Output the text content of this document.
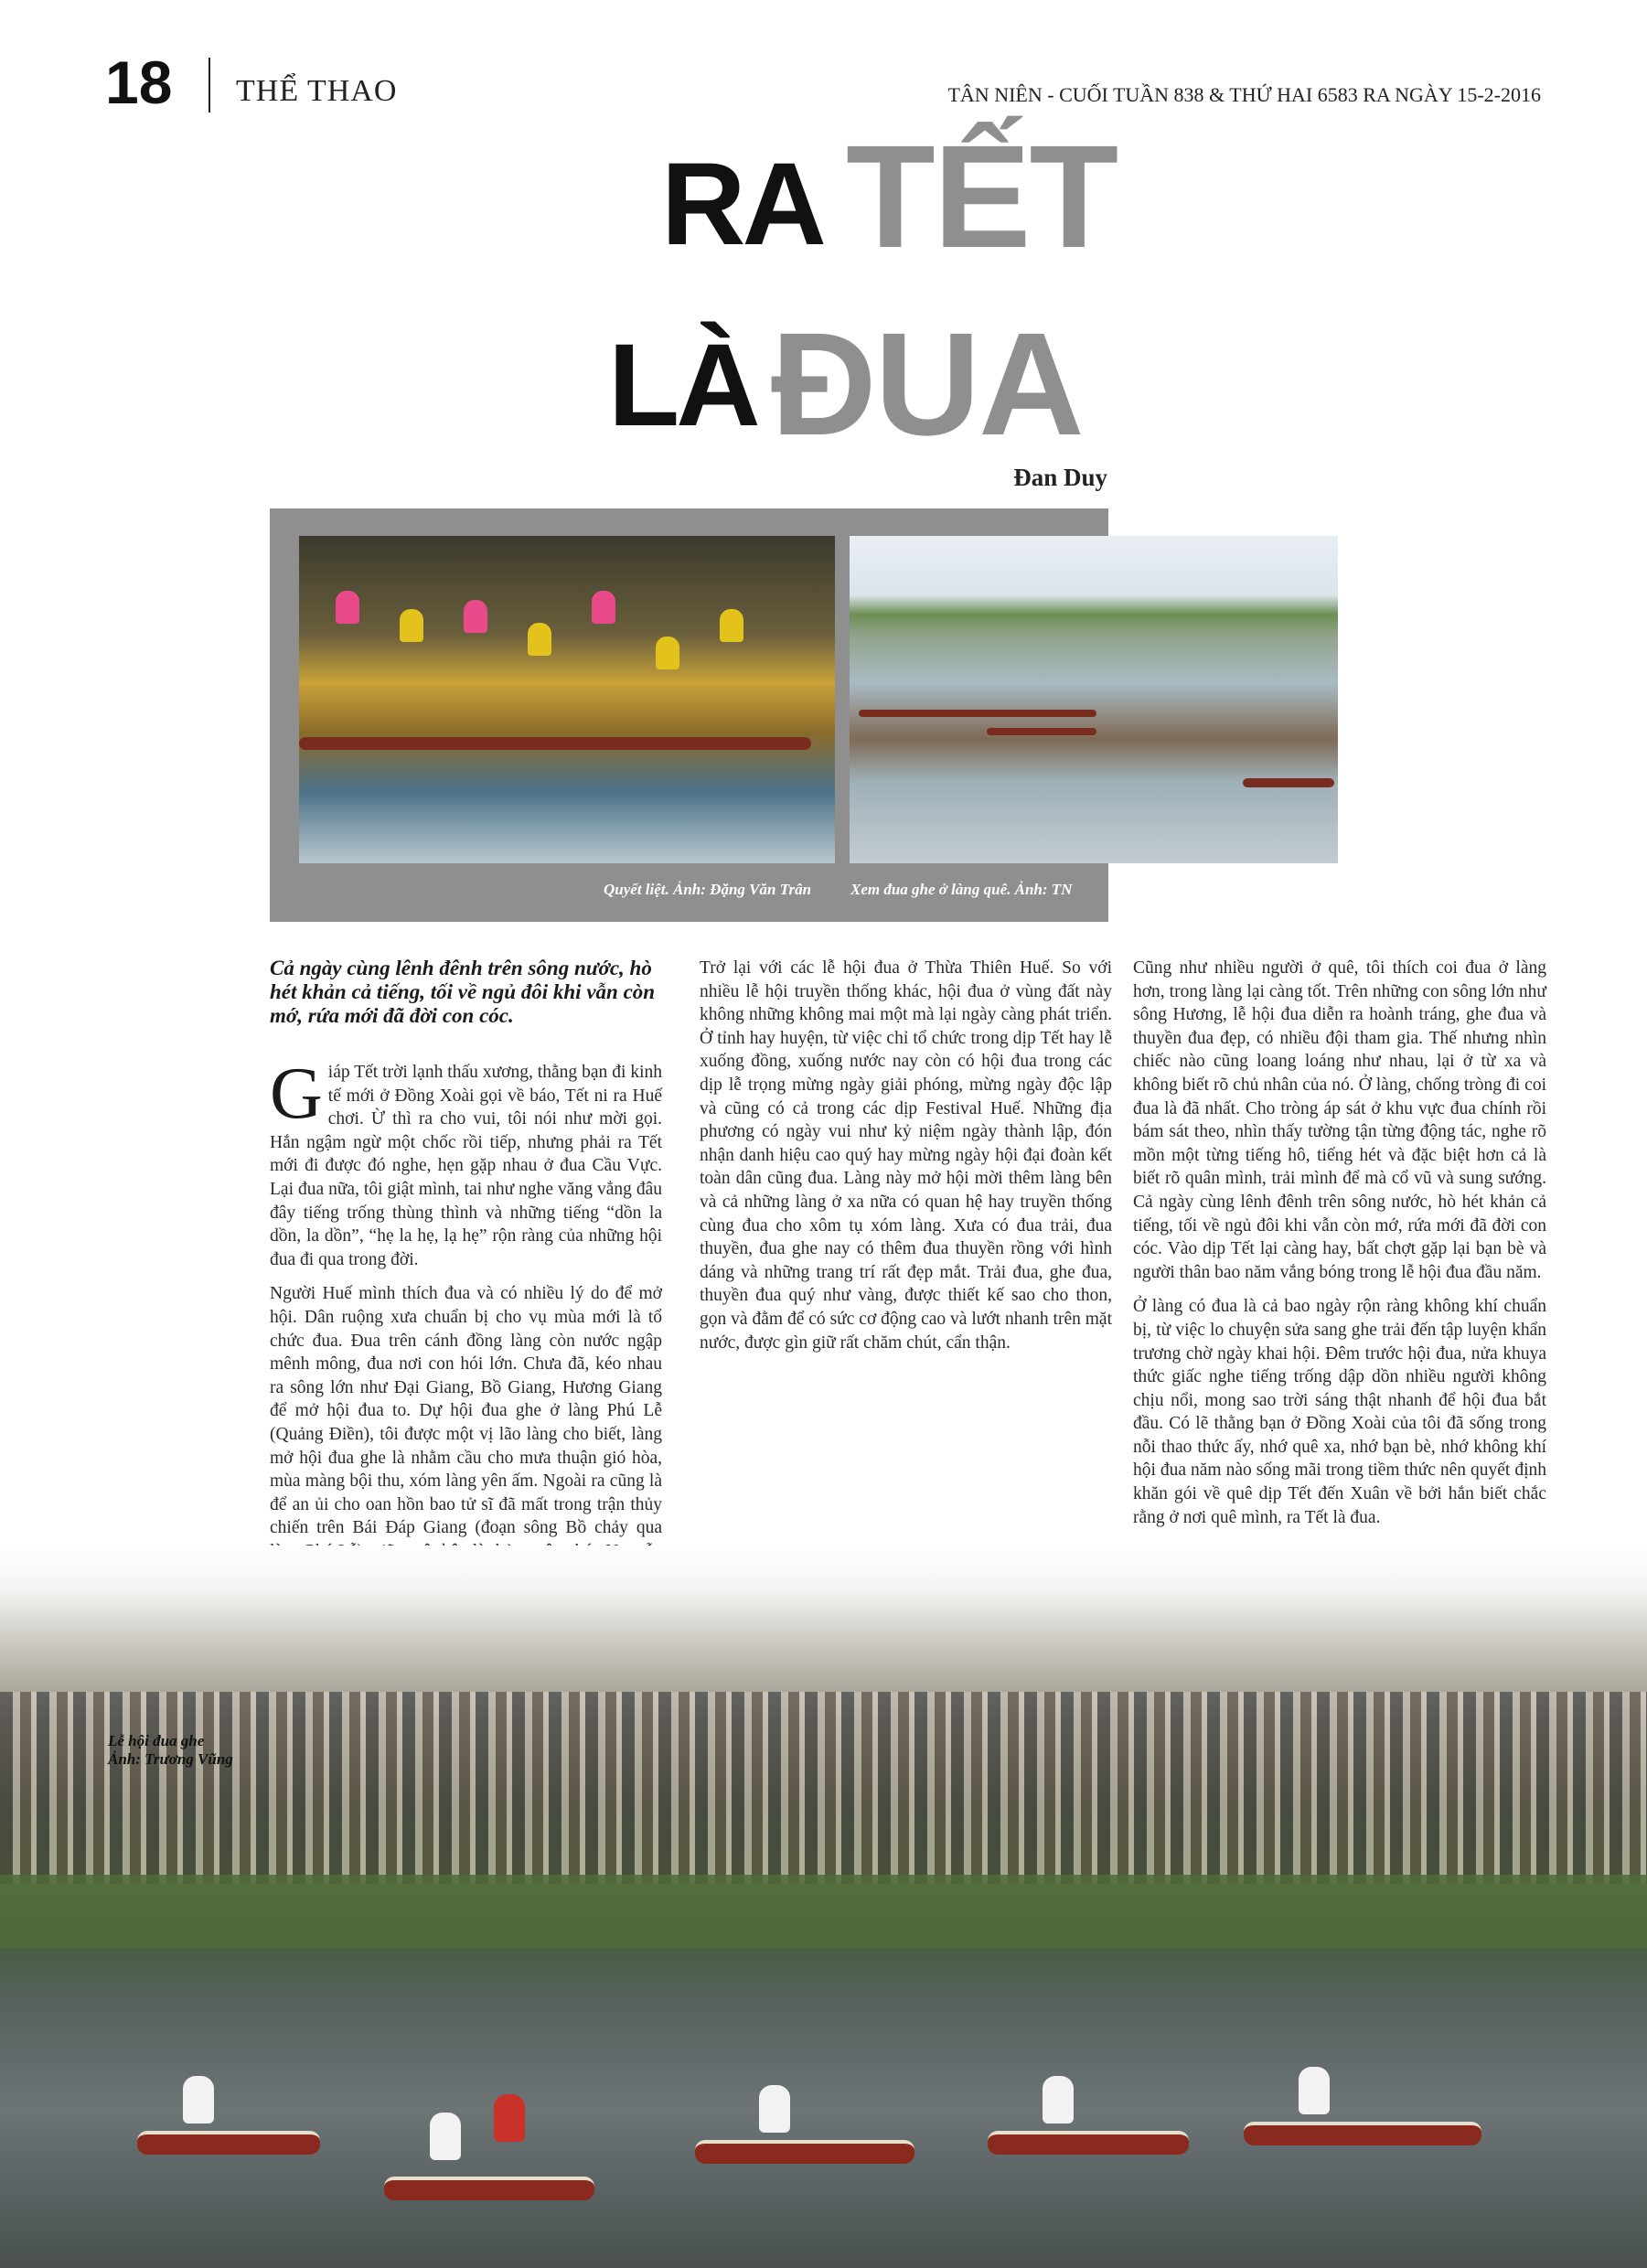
18 THỂ THAO	TÂN NIÊN - CUỐI TUẦN 838 & THỨ HAI 6583 RA NGÀY 15-2-2016
RA TẾT
LÀ ĐUA
Đan Duy
Quyết liệt. Ảnh: Đặng Văn Trân	Xem đua ghe ở làng quê. Ảnh: TN

Cả ngày cùng lênh đênh trên sông nước, hò hét khản cả tiếng, tối về ngủ đôi khi vẫn còn mớ, rứa mới đã đời con cóc.

Giáp Tết trời lạnh thấu xương, thằng bạn đi kinh tế mới ở Đồng Xoài gọi về báo, Tết ni ra Huế chơi. Ừ thì ra cho vui, tôi nói như mời gọi. Hắn ngậm ngừ một chốc rồi tiếp, nhưng phải ra Tết mới đi được đó nghe, hẹn gặp nhau ở đua Cầu Vực. Lại đua nữa, tôi giật mình, tai như nghe văng vẳng đâu đây tiếng trống thùng thình và những tiếng “dồn la dồn, la dồn”, “hẹ la hẹ, lạ hẹ” rộn ràng của những hội đua đi qua trong đời.

Người Huế mình thích đua và có nhiều lý do để mở hội. Dân ruộng xưa chuẩn bị cho vụ mùa mới là tổ chức đua. Đua trên cánh đồng làng còn nước ngập mênh mông, đua nơi con hói lớn. Chưa đã, kéo nhau ra sông lớn như Đại Giang, Bồ Giang, Hương Giang để mở hội đua to. Dự hội đua ghe ở làng Phú Lễ (Quảng Điền), tôi được một vị lão làng cho biết, làng mở hội đua ghe là nhằm cầu cho mưa thuận gió hòa, mùa màng bội thu, xóm làng yên ấm. Ngoài ra cũng là để an ủi cho oan hồn bao tử sĩ đã mất trong trận thủy chiến trên Bái Đáp Giang (đoạn sông Bồ chảy qua

Trở lại với các lễ hội đua ở Thừa Thiên Huế. So với nhiều lễ hội truyền thống khác, hội đua ở vùng đất này không những không mai một mà lại ngày càng phát triển. Ở tỉnh hay huyện, từ việc chỉ tổ chức trong dịp Tết hay lễ xuống đồng, xuống nước nay còn có hội đua trong các dịp lễ trọng mừng ngày giải phóng, mừng ngày độc lập và cũng có cả trong các dịp Festival Huế. Những địa phương có ngày vui như kỷ niệm ngày thành lập, đón nhận danh hiệu cao quý hay mừng ngày hội đại đoàn kết toàn dân cũng đua. Làng này mở hội mời thêm làng bên và cả những làng ở xa nữa có quan hệ hay truyền thống cùng đua cho xôm tụ xóm làng. Xưa có đua trải, đua thuyền, đua ghe nay có thêm đua thuyền rồng với hình dáng và những trang trí rất đẹp mắt. Trải đua, ghe đua, thuyền đua quý như vàng, được thiết kế sao cho thon, gọn và đằm để có sức cơ động cao và lướt nhanh trên mặt nước, được gìn giữ rất chăm chút, cẩn thận.

Cũng như nhiều người ở quê, tôi thích coi đua ở làng hơn, trong làng lại càng tốt. Trên những con sông lớn như sông Hương, lễ hội đua diễn ra hoành tráng, ghe đua và thuyền đua đẹp, có nhiều đội tham gia. Thế nhưng nhìn chiếc nào cũng loang loáng như nhau, lại ở từ xa và không biết rõ chủ nhân của nó. Ở làng, chống tròng đi coi đua là đã nhất. Cho tròng áp sát ở khu vực đua chính rồi bám sát theo, nhìn thấy tường tận từng động tác, nghe rõ mồn một từng tiếng hô, tiếng hét và đặc biệt hơn cả là biết rõ quân mình, trải mình để mà cổ vũ và sung sướng. Cả ngày cùng lênh đênh trên sông nước, hò hét khản cả tiếng, tối về ngủ đôi khi vẫn còn mớ, rứa mới đã đời con cóc. Vào dịp Tết lại càng hay, bất chợt gặp lại bạn bè và người thân bao năm vắng bóng trong lễ hội đua đầu năm.

Ở làng có đua là cả bao ngày rộn ràng không khí chuẩn bị, từ việc lo chuyện sửa sang ghe trải đến tập luyện khẩn trương chờ ngày khai hội. Đêm trước hội đua, nửa khuya thức giấc nghe tiếng trống dập dồn nhiều người không chịu nổi, mong sao trời sáng thật nhanh để hội đua bắt đầu. Có lẽ thằng bạn ở Đồng Xoài của tôi đã sống trong nỗi thao thức ấy, nhớ quê xa, nhớ bạn bè, nhớ không khí hội đua năm nào sống mãi trong tiềm thức nên quyết định khăn gói về quê dịp Tết đến Xuân về bởi hắn biết chắc rằng ở nơi quê mình, ra Tết là đua.

Lễ hội đua ghe
Ảnh: Trương Vũng
